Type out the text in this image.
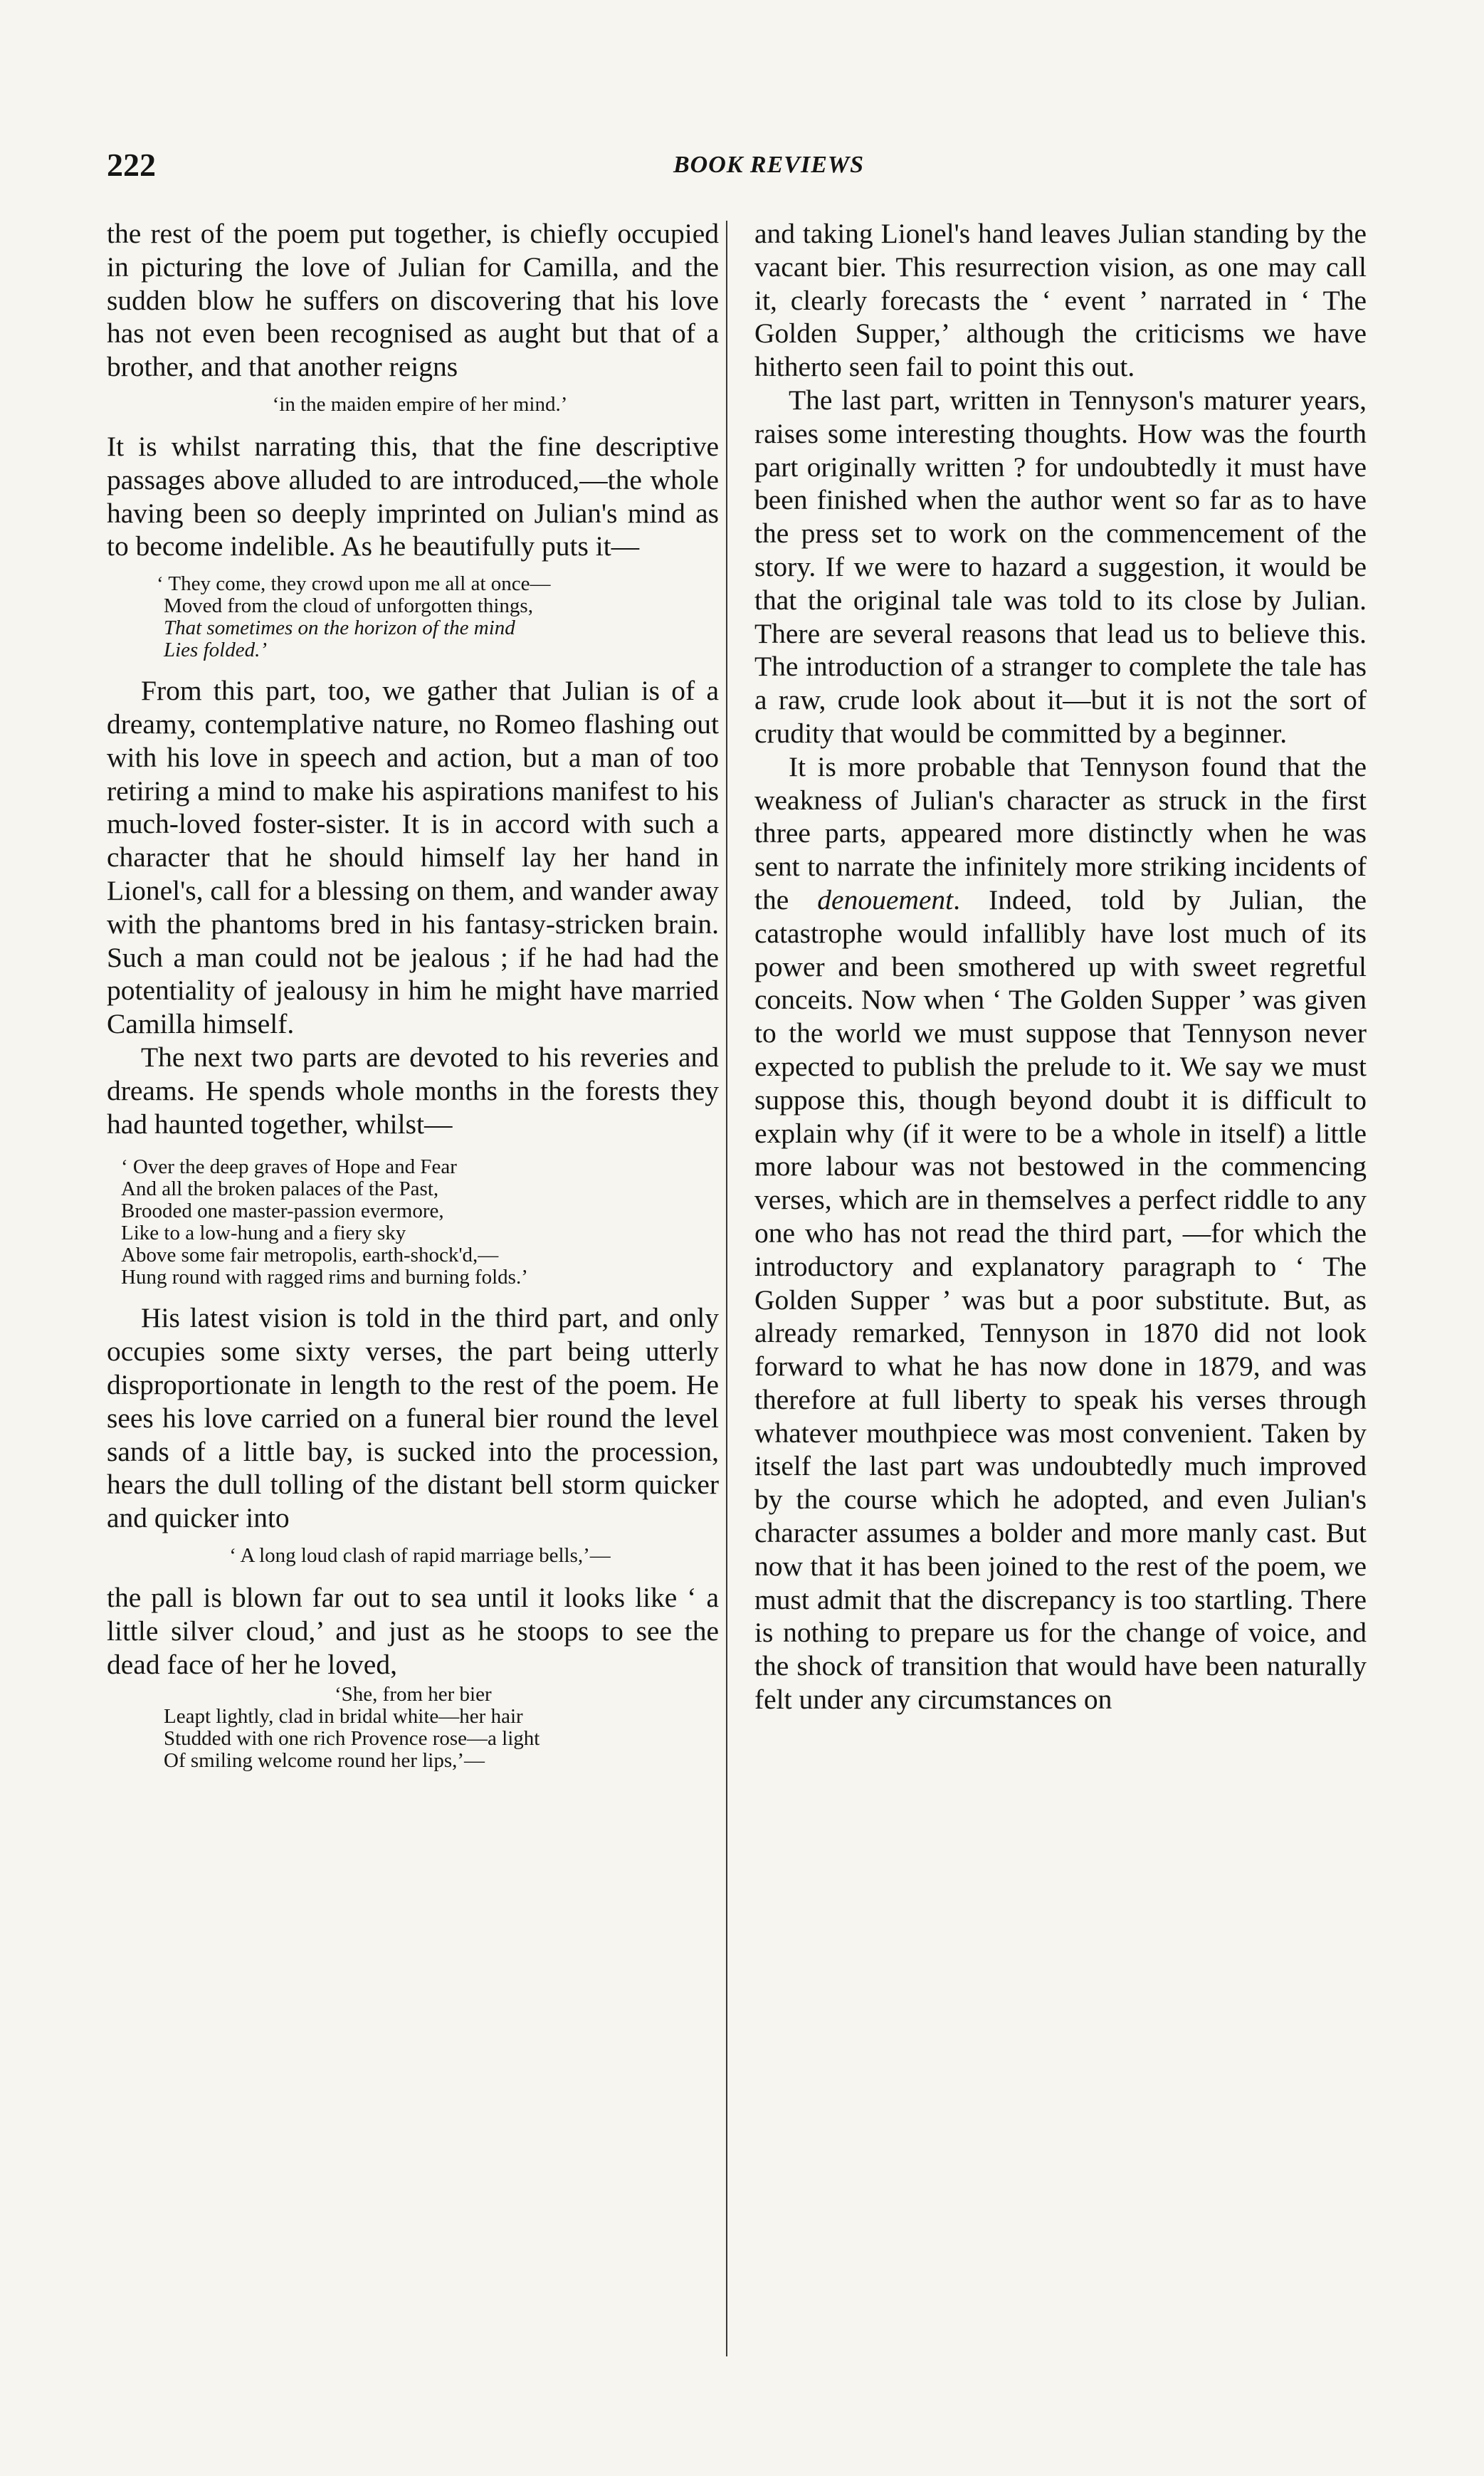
222	BOOK REVIEWS

the rest of the poem put together, is chiefly occupied in picturing the love of Julian for Camilla, and the sudden blow he suffers on discovering that his love has not even been recognised as aught but that of a brother, and that another reigns

‘in the maiden empire of her mind.’

It is whilst narrating this, that the fine descriptive passages above alluded to are introduced,—the whole having been so deeply imprinted on Julian's mind as to become indelible. As he beautifully puts it—

‘ They come, they crowd upon me all at once—
Moved from the cloud of unforgotten things,
That sometimes on the horizon of the mind
Lies folded.’

From this part, too, we gather that Julian is of a dreamy, contemplative nature, no Romeo flashing out with his love in speech and action, but a man of too retiring a mind to make his aspirations manifest to his much-loved foster-sister. It is in accord with such a character that he should himself lay her hand in Lionel's, call for a blessing on them, and wander away with the phantoms bred in his fantasy-stricken brain. Such a man could not be jealous ; if he had had the potentiality of jealousy in him he might have married Camilla himself.

The next two parts are devoted to his reveries and dreams. He spends whole months in the forests they had haunted together, whilst—

‘ Over the deep graves of Hope and Fear
And all the broken palaces of the Past,
Brooded one master-passion evermore,
Like to a low-hung and a fiery sky
Above some fair metropolis, earth-shock'd,—
Hung round with ragged rims and burning folds.’

His latest vision is told in the third part, and only occupies some sixty verses, the part being utterly disproportionate in length to the rest of the poem. He sees his love carried on a funeral bier round the level sands of a little bay, is sucked into the procession, hears the dull tolling of the distant bell storm quicker and quicker into

‘ A long loud clash of rapid marriage bells,’—

the pall is blown far out to sea until it looks like ‘ a little silver cloud,’ and just as he stoops to see the dead face of her he loved,

‘She, from her bier
Leapt lightly, clad in bridal white—her hair
Studded with one rich Provence rose—a light
Of smiling welcome round her lips,’—

and taking Lionel's hand leaves Julian standing by the vacant bier. This resurrection vision, as one may call it, clearly forecasts the ‘ event ’ narrated in ‘ The Golden Supper,’ although the criticisms we have hitherto seen fail to point this out.

The last part, written in Tennyson's maturer years, raises some interesting thoughts. How was the fourth part originally written ? for undoubtedly it must have been finished when the author went so far as to have the press set to work on the commencement of the story. If we were to hazard a suggestion, it would be that the original tale was told to its close by Julian. There are several reasons that lead us to believe this. The introduction of a stranger to complete the tale has a raw, crude look about it—but it is not the sort of crudity that would be committed by a beginner.

It is more probable that Tennyson found that the weakness of Julian's character as struck in the first three parts, appeared more distinctly when he was sent to narrate the infinitely more striking incidents of the denouement. Indeed, told by Julian, the catastrophe would infallibly have lost much of its power and been smothered up with sweet regretful conceits. Now when ‘ The Golden Supper ’ was given to the world we must suppose that Tennyson never expected to publish the prelude to it. We say we must suppose this, though beyond doubt it is difficult to explain why (if it were to be a whole in itself) a little more labour was not bestowed in the commencing verses, which are in themselves a perfect riddle to any one who has not read the third part, —for which the introductory and explanatory paragraph to ‘ The Golden Supper ’ was but a poor substitute. But, as already remarked, Tennyson in 1870 did not look forward to what he has now done in 1879, and was therefore at full liberty to speak his verses through whatever mouthpiece was most convenient. Taken by itself the last part was undoubtedly much improved by the course which he adopted, and even Julian's character assumes a bolder and more manly cast. But now that it has been joined to the rest of the poem, we must admit that the discrepancy is too startling. There is nothing to prepare us for the change of voice, and the shock of transition that would have been naturally felt under any circumstances on
